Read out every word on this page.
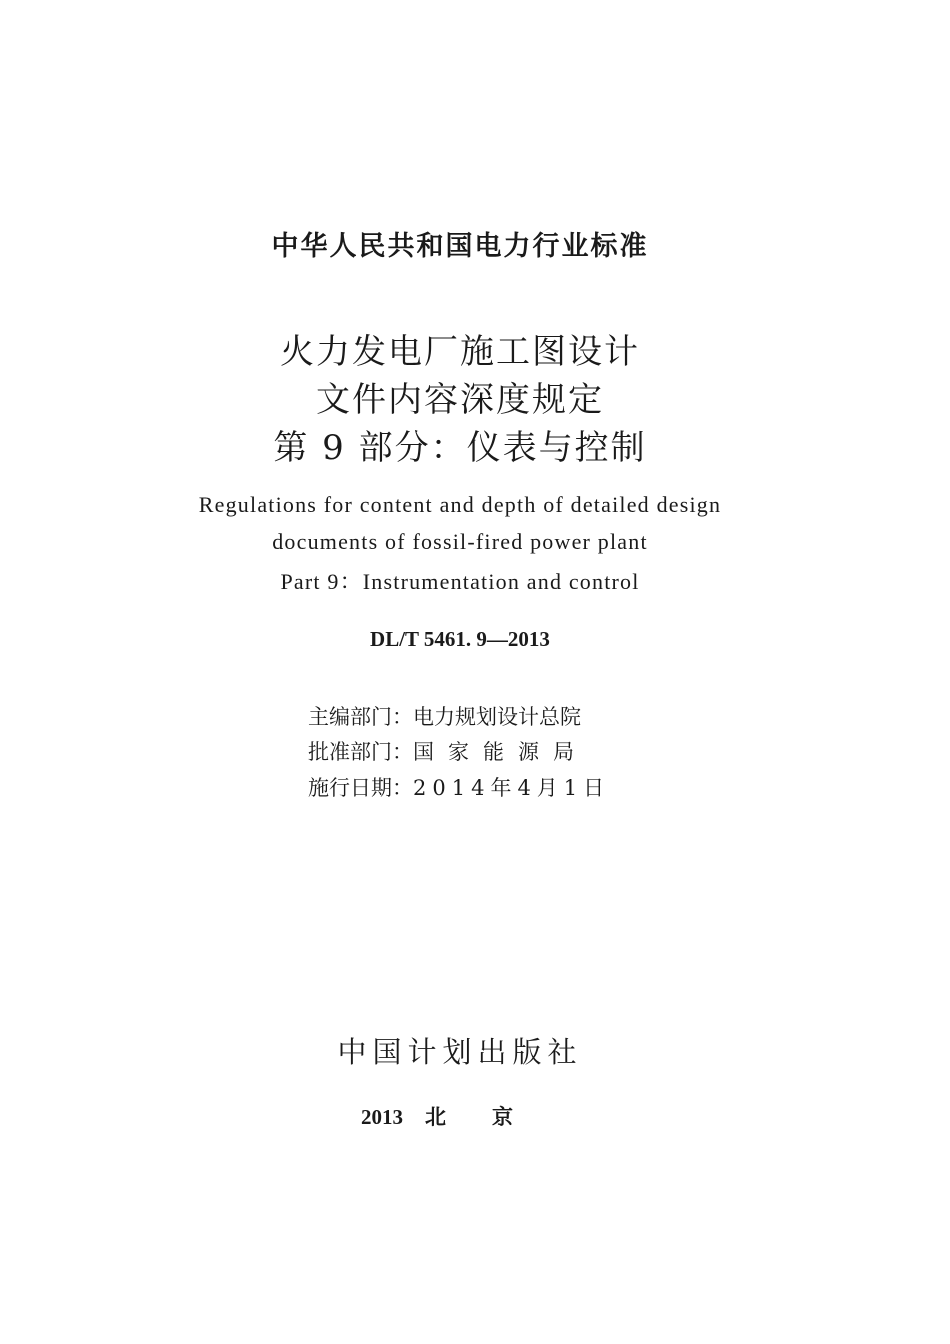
中华人民共和国电力行业标准
火力发电厂施工图设计
文件内容深度规定
第 9 部分：仪表与控制
Regulations for content and depth of detailed design
documents of fossil-fired power plant
Part 9：Instrumentation and control
DL/T 5461. 9—2013
主编部门：电力规划设计总院
批准部门：国家能源局
施行日期：2014年4月1日
中国计划出版社
2013 北京
